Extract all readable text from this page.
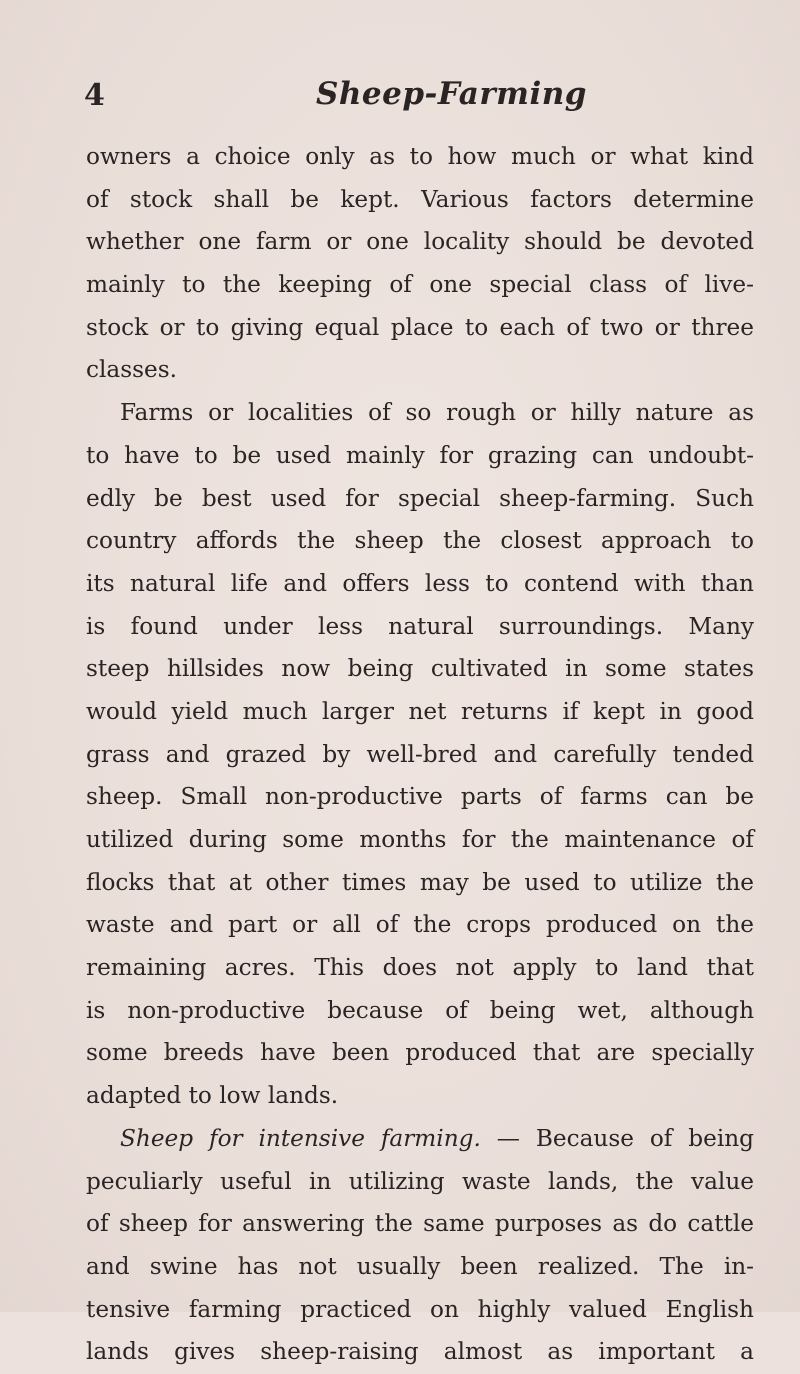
4	Sheep-Farming
owners a choice only as to how much or what kind
of stock shall be kept. Various factors determine
whether one farm or one locality should be devoted
mainly to the keeping of one special class of live-
stock or to giving equal place to each of two or three
classes.
Farms or localities of so rough or hilly nature as
to have to be used mainly for grazing can undoubt-
edly be best used for special sheep-farming. Such
country affords the sheep the closest approach to
its natural life and offers less to contend with than
is found under less natural surroundings. Many
steep hillsides now being cultivated in some states
would yield much larger net returns if kept in good
grass and grazed by well-bred and carefully tended
sheep. Small non-productive parts of farms can be
utilized during some months for the maintenance of
flocks that at other times may be used to utilize the
waste and part or all of the crops produced on the
remaining acres. This does not apply to land that
is non-productive because of being wet, although
some breeds have been produced that are specially
adapted to low lands.
Sheep for intensive farming. — Because of being
peculiarly useful in utilizing waste lands, the value
of sheep for answering the same purposes as do cattle
and swine has not usually been realized. The in-
tensive farming practiced on highly valued English
lands gives sheep-raising almost as important a
